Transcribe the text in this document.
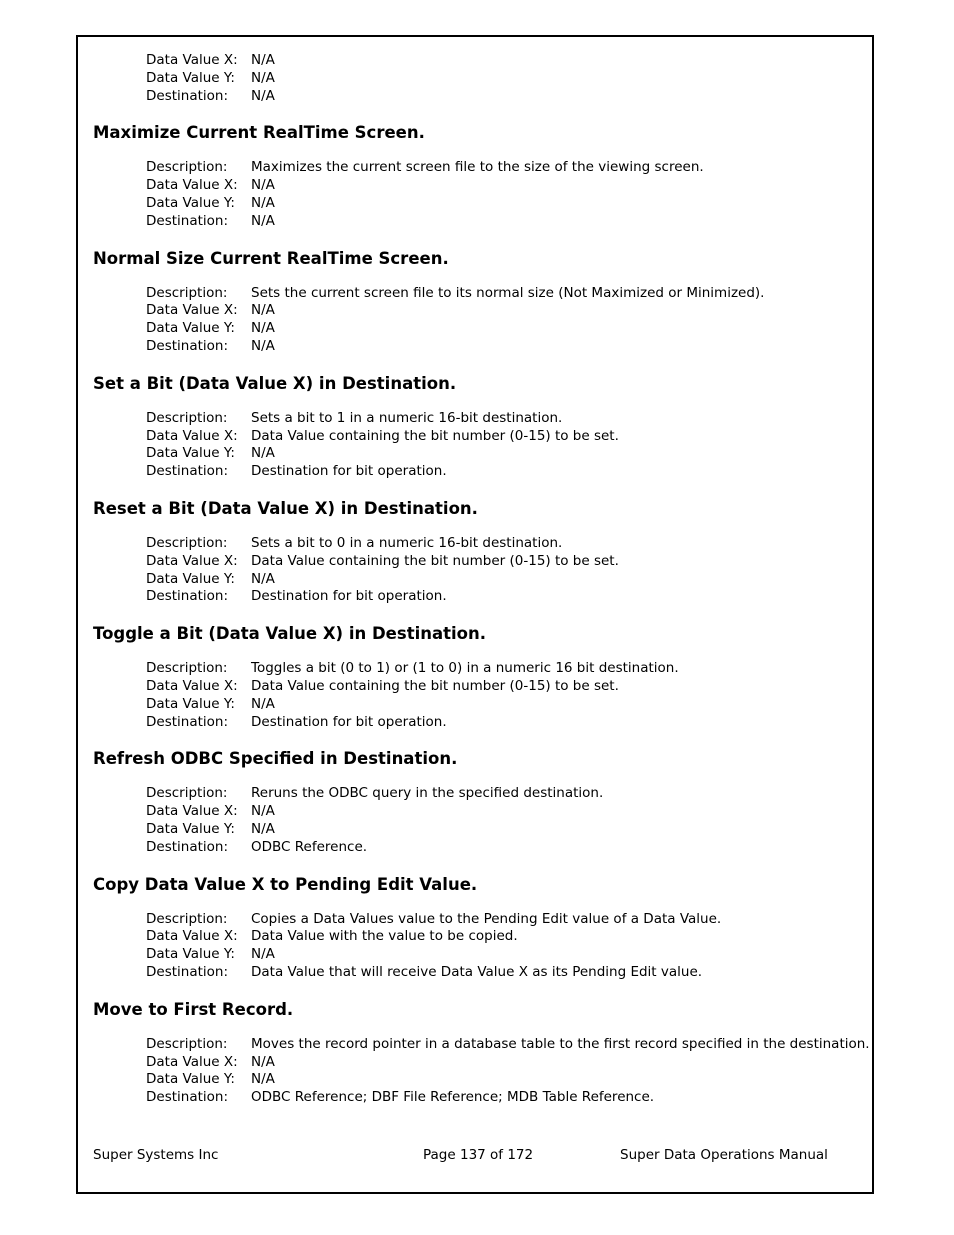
Data Value X: N/A
Data Value Y:	N/A
Destination:	N/A
Maximize Current RealTime Screen.
Description:	Maximizes the current screen file to the size of the viewing screen.
Data Value X: N/A
Data Value Y:	N/A
Destination:	N/A
Normal Size Current RealTime Screen.
Description:	Sets the current screen file to its normal size (Not Maximized or Minimized).
Data Value X: N/A
Data Value Y:	N/A
Destination:	N/A
Set a Bit (Data Value X) in Destination.
Description:	Sets a bit to 1 in a numeric 16-bit destination.
Data Value X: Data Value containing the bit number (0-15) to be set.
Data Value Y:	N/A
Destination:	Destination for bit operation.
Reset a Bit (Data Value X) in Destination.
Description:	Sets a bit to 0 in a numeric 16-bit destination.
Data Value X: Data Value containing the bit number (0-15) to be set.
Data Value Y:	N/A
Destination:	Destination for bit operation.
Toggle a Bit (Data Value X) in Destination.
Description:	Toggles a bit (0 to 1) or (1 to 0) in a numeric 16 bit destination.
Data Value X: Data Value containing the bit number (0-15) to be set.
Data Value Y:	N/A
Destination:	Destination for bit operation.
Refresh ODBC Specified in Destination.
Description:	Reruns the ODBC query in the specified destination.
Data Value X: N/A
Data Value Y:	N/A
Destination:	ODBC Reference.
Copy Data Value X to Pending Edit Value.
Description:	Copies a Data Values value to the Pending Edit value of a Data Value.
Data Value X: Data Value with the value to be copied.
Data Value Y:	N/A
Destination:	Data Value that will receive Data Value X as its Pending Edit value.
Move to First Record.
Description:	Moves the record pointer in a database table to the first record specified in the destination.
Data Value X: N/A
Data Value Y:	N/A
Destination:	ODBC Reference; DBF File Reference; MDB Table Reference.
Super Systems Inc	Page 137 of 172	Super Data Operations Manual
